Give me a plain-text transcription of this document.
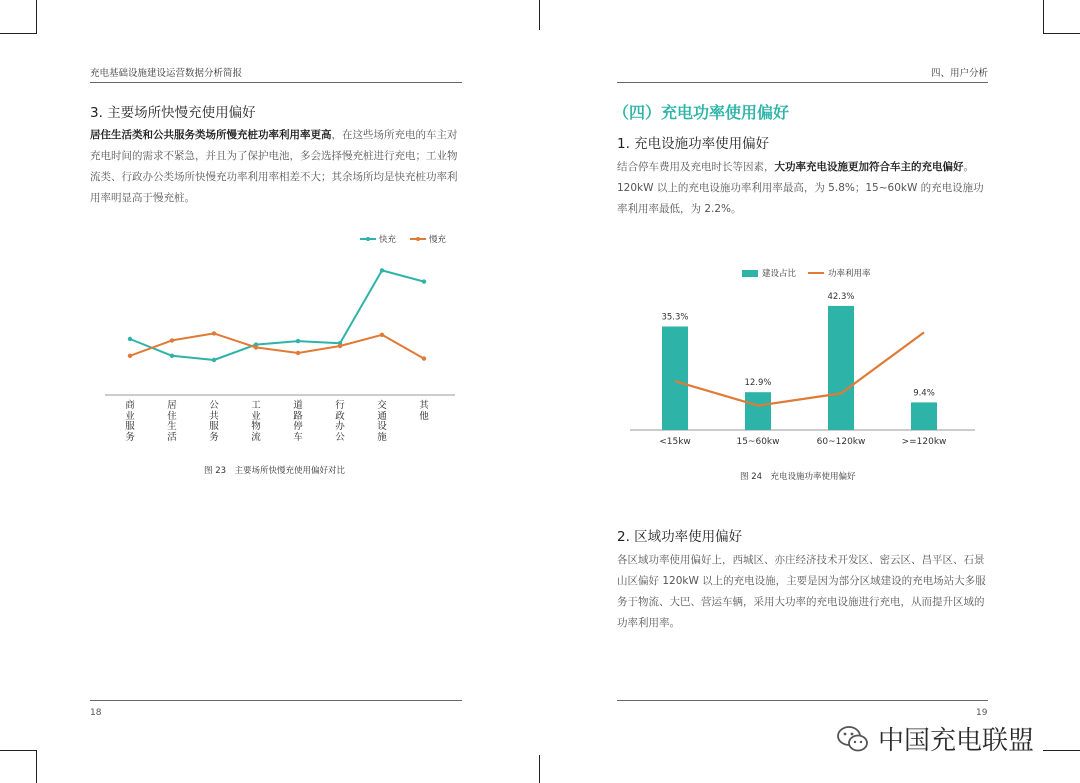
充电基础设施建设运营数据分析简报
3. 主要场所快慢充使用偏好
居住生活类和公共服务类场所慢充桩功率利用率更高，在这些场所充电的车主对充电时间的需求不紧急，并且为了保护电池，多会选择慢充桩进行充电；工业物流类、行政办公类场所快慢充功率利用率相差不大；其余场所均是快充桩功率利用率明显高于慢充桩。
快充	慢充
商业服务
居住生活
公共服务
工业物流
道路停车
行政办公
交通设施
其他
图 23　主要场所快慢充使用偏好对比
18
四、用户分析
（四）充电功率使用偏好
1. 充电设施功率使用偏好
结合停车费用及充电时长等因素，大功率充电设施更加符合车主的充电偏好。120kW 以上的充电设施功率利用率最高，为 5.8%；15~60kW 的充电设施功率利用率最低，为 2.2%。
建设占比	功率利用率
35.3%
12.9%
42.3%
9.4%
<15kw	15~60kw	60~120kw	>=120kw
图 24　充电设施功率使用偏好
2. 区域功率使用偏好
各区域功率使用偏好上，西城区、亦庄经济技术开发区、密云区、昌平区、石景山区偏好 120kW 以上的充电设施，主要是因为部分区域建设的充电场站大多服务于物流、大巴、营运车辆，采用大功率的充电设施进行充电，从而提升区域的功率利用率。
19
中国充电联盟
